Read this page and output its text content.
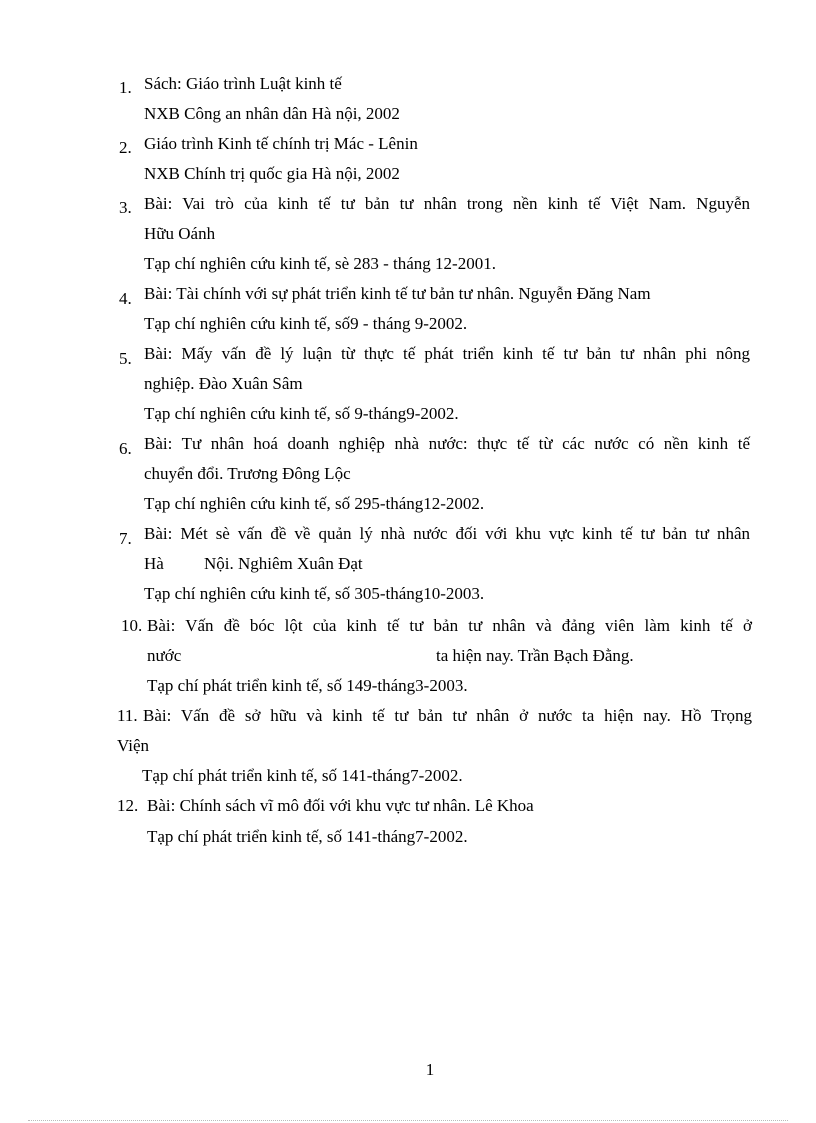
1. Sách: Giáo trình Luật kinh tế
NXB Công an nhân dân Hà nội, 2002
2. Giáo trình Kinh tế chính trị Mác - Lênin
NXB Chính trị quốc gia Hà nội, 2002
3. Bài: Vai trò của kinh tế tư bản tư nhân trong nền kinh tế Việt Nam. Nguyễn
Hữu Oánh
Tạp chí nghiên cứu kinh tế, sè 283 - tháng 12-2001.
4. Bài: Tài chính với sự phát triển kinh tế tư bản tư nhân. Nguyễn Đăng Nam
Tạp chí nghiên cứu kinh tế, số9 - tháng 9-2002.
5. Bài: Mấy vấn đề lý luận từ thực tế phát triển kinh tế tư bản tư nhân phi nông
nghiệp. Đào Xuân Sâm
Tạp chí nghiên cứu kinh tế, số 9-tháng9-2002.
6. Bài: Tư nhân hoá doanh nghiệp nhà nước: thực tế từ các nước có nền kinh tế
chuyển đổi. Trương Đông Lộc
Tạp chí nghiên cứu kinh tế, số 295-tháng12-2002.
7. Bài: Mét sè vấn đề về quản lý nhà nước đối với khu vực kinh tế tư bản tư nhân
Hà Nội. Nghiêm Xuân Đạt
Tạp chí nghiên cứu kinh tế, số 305-tháng10-2003.
10. Bài: Vấn đề bóc lột của kinh tế tư bản tư nhân và đảng viên làm kinh tế ở
nước	ta hiện nay. Trần Bạch Đằng.
Tạp chí phát triển kinh tế, số 149-tháng3-2003.
11. Bài: Vấn đề sở hữu và kinh tế tư bản tư nhân ở nước ta hiện nay. Hồ Trọng
Viện
Tạp chí phát triển kinh tế, số 141-tháng7-2002.
12. Bài: Chính sách vĩ mô đối với khu vực tư nhân. Lê Khoa
Tạp chí phát triển kinh tế, số 141-tháng7-2002.
1
